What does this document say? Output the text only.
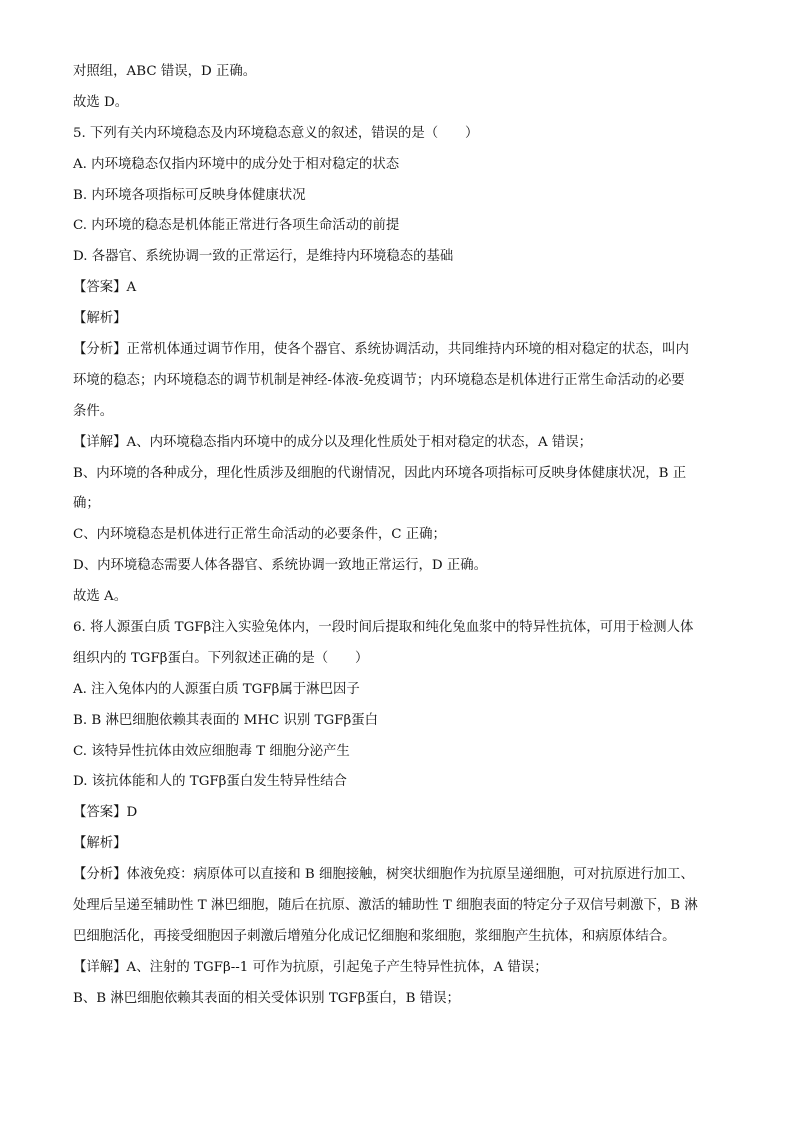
对照组，ABC 错误，D 正确。

故选 D。

5. 下列有关内环境稳态及内环境稳态意义的叙述，错误的是（　　）

A. 内环境稳态仅指内环境中的成分处于相对稳定的状态

B. 内环境各项指标可反映身体健康状况

C. 内环境的稳态是机体能正常进行各项生命活动的前提

D. 各器官、系统协调一致的正常运行，是维持内环境稳态的基础

【答案】A

【解析】

【分析】正常机体通过调节作用，使各个器官、系统协调活动，共同维持内环境的相对稳定的状态，叫内

环境的稳态；内环境稳态的调节机制是神经-体液-免疫调节；内环境稳态是机体进行正常生命活动的必要

条件。

【详解】A、内环境稳态指内环境中的成分以及理化性质处于相对稳定的状态，A 错误；

B、内环境的各种成分，理化性质涉及细胞的代谢情况，因此内环境各项指标可反映身体健康状况，B 正

确；

C、内环境稳态是机体进行正常生命活动的必要条件，C 正确；

D、内环境稳态需要人体各器官、系统协调一致地正常运行，D 正确。

故选 A。

6. 将人源蛋白质 TGFβ注入实验兔体内，一段时间后提取和纯化兔血浆中的特异性抗体，可用于检测人体

组织内的 TGFβ蛋白。下列叙述正确的是（　　）

A. 注入兔体内的人源蛋白质 TGFβ属于淋巴因子

B. B 淋巴细胞依赖其表面的 MHC 识别 TGFβ蛋白

C. 该特异性抗体由效应细胞毒 T 细胞分泌产生

D. 该抗体能和人的 TGFβ蛋白发生特异性结合

【答案】D

【解析】

【分析】体液免疫：病原体可以直接和 B 细胞接触，树突状细胞作为抗原呈递细胞，可对抗原进行加工、

处理后呈递至辅助性 T 淋巴细胞，随后在抗原、激活的辅助性 T 细胞表面的特定分子双信号刺激下，B 淋

巴细胞活化，再接受细胞因子刺激后增殖分化成记忆细胞和浆细胞，浆细胞产生抗体，和病原体结合。

【详解】A、注射的 TGFβ--1 可作为抗原，引起兔子产生特异性抗体，A 错误；

B、B 淋巴细胞依赖其表面的相关受体识别 TGFβ蛋白，B 错误；
